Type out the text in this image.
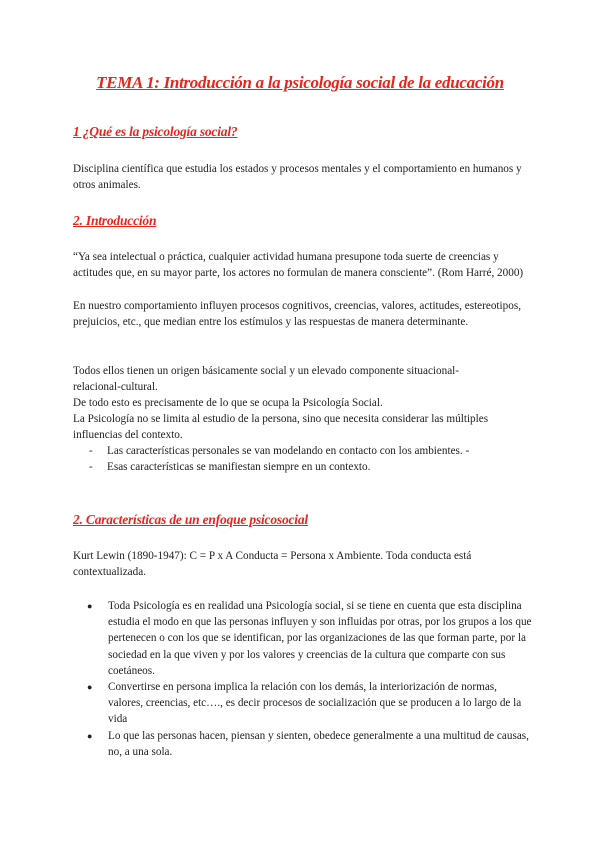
TEMA 1: Introducción a la psicología social de la educación
1 ¿Qué es la psicología social?

Disciplina científica que estudia los estados y procesos mentales y el comportamiento en humanos y otros animales.

2. Introducción

“Ya sea intelectual o práctica, cualquier actividad humana presupone toda suerte de creencias y actitudes que, en su mayor parte, los actores no formulan de manera consciente”. (Rom Harré, 2000)

En nuestro comportamiento influyen procesos cognitivos, creencias, valores, actitudes, estereotipos, prejuicios, etc., que median entre los estímulos y las respuestas de manera determinante.

Todos ellos tienen un origen básicamente social y un elevado componente situacional-relacional-cultural.

De todo esto es precisamente de lo que se ocupa la Psicología Social.

La Psicología no se limita al estudio de la persona, sino que necesita considerar las múltiples influencias del contexto.

- Las características personales se van modelando en contacto con los ambientes. -
- Esas características se manifiestan siempre en un contexto.
2. Características de un enfoque psicosocial

Kurt Lewin (1890-1947): C = P x A Conducta = Persona x Ambiente. Toda conducta está contextualizada.

● Toda Psicología es en realidad una Psicología social, si se tiene en cuenta que esta disciplina estudia el modo en que las personas influyen y son influidas por otras, por los grupos a los que pertenecen o con los que se identifican, por las organizaciones de las que forman parte, por la sociedad en la que viven y por los valores y creencias de la cultura que comparte con sus coetáneos.
● Convertirse en persona implica la relación con los demás, la interiorización de normas, valores, creencias, etc…., es decir procesos de socialización que se producen a lo largo de la vida
● Lo que las personas hacen, piensan y sienten, obedece generalmente a una multitud de causas, no, a una sola.
